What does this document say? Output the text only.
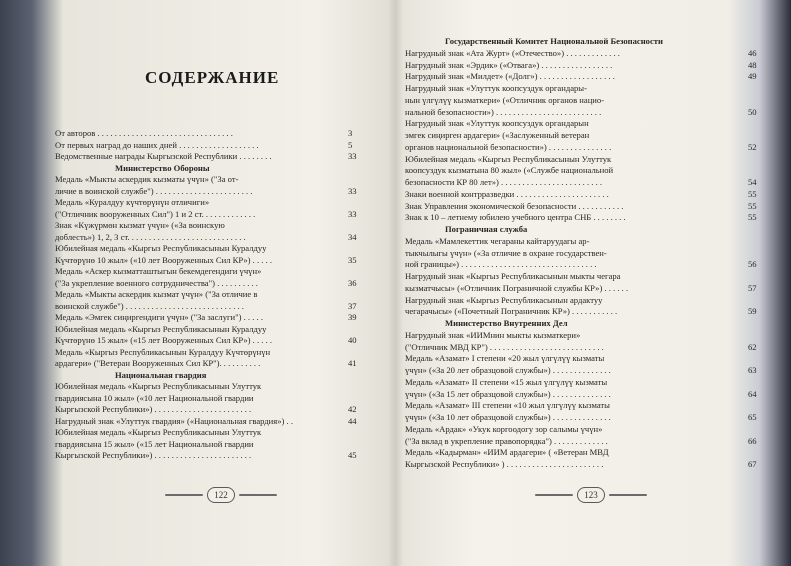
СОДЕРЖАНИЕ
От авторов . . . . . . . . . . . . . . . . . . . . . . . . . . . . . . . .	3
От первых наград до наших дней . . . . . . . . . . . . . . . . . . .	5
Ведомственные награды Кыргызской Республики . . . . . . . .	33
Министерство Обороны
Медаль «Мыкты аскердик кызматы үчүн» ("За от-
личие в воинской службе") . . . . . . . . . . . . . . . . . . . . . . .	33
Медаль «Куралдуу күчтөрүнүн отличиги»
("Отличник вооруженных Сил") 1 и 2 ст. . . . . . . . . . . . .	33
Знак «Күжүрмөн кызмат үчүн» («За воинскую
доблесть») 1, 2, 3 ст. . . . . . . . . . . . . . . . . . . . . . . . . . . .	34
Юбилейная медаль «Кыргыз Республикасынын Куралдуу
Күчтөрүнө 10 жыл» («10 лет Вооруженных Сил КР») . . . . .	35
Медаль «Аскер кызматташтыгын бекемдегендиги үчүн»
("За укрепление военного сотрудничества") . . . . . . . . . .	36
Медаль «Мыкты аскердик кызмат үчүн» ("За отличие в
воинской службе") . . . . . . . . . . . . . . . . . . . . . . . . . . . .	37
Медаль «Эмгек сиңиргендиги үчүн» ("За заслуги") . . . . .	39
Юбилейная медаль «Кыргыз Республикасынын Куралдуу
Күчтөрүнө 15 жыл» («15 лет Вооруженных Сил КР») . . . . .	40
Медаль «Кыргыз Республикасынын Куралдуу Күчтөрүнүн
ардагери» ("Ветеран Вооруженных Сил КР"). . . . . . . . . .	41
Национальная гвардия
Юбилейная медаль «Кыргыз Республикасынын Улуттук
гвардиясына 10 жыл» («10 лет Национальной гвардии
Кыргызской Республики») . . . . . . . . . . . . . . . . . . . . . . .	42
Нагрудный знак «Улуттук гвардия» («Национальная гвардия») . .	44
Юбилейная медаль «Кыргыз Республикасынын Улуттук
гвардиясына 15 жыл» («15 лет Национальной гвардии
Кыргызской Республики») . . . . . . . . . . . . . . . . . . . . . . .	45
122
Государственный Комитет Национальной Безопасности
Нагрудный знак «Ата Журт» («Отечество») . . . . . . . . . . . . .	46
Нагрудный знак «Эрдик» («Отвага») . . . . . . . . . . . . . . . . .	48
Нагрудный знак «Милдет» («Долг») . . . . . . . . . . . . . . . . . .	49
Нагрудный знак «Улуттук коопсуздук органдары-
нын үлгүлүү кызматкери» («Отличник органов нацио-
нальной безопасности») . . . . . . . . . . . . . . . . . . . . . . . . .	50
Нагрудный знак «Улуттук коопсуздук органдарын
эмгек сиңирген ардагери» («Заслуженный ветеран
органов национальной безопасности») . . . . . . . . . . . . . . .	52
Юбилейная медаль «Кыргыз Республикасынын Улуттук
коопсуздук кызматына 80 жыл» («Службе национальной
безопасности КР 80 лет») . . . . . . . . . . . . . . . . . . . . . . . .	54
Знаки военной контрразведки . . . . . . . . . . . . . . . . . . . . . .	55
Знак Управления экономической безопасности . . . . . . . . . . .	55
Знак к 10 – летнему юбилею учебного центра СНБ . . . . . . . .	55
Пограничная служба
Медаль «Мамлекеттик чегараны кайтаруудагы ар-
тыкчылыгы үчүн» («За отличие в охране государствен-
ной границы») . . . . . . . . . . . . . . . . . . . . . . . . . . . . . . . .	56
Нагрудный знак «Кыргыз Республикасынын мыкты чегара
кызматчысы» («Отличник Пограничной службы КР») . . . . . .	57
Нагрудный знак «Кыргыз Республикасынын ардактуу
чегарачысы» («Почетный Пограничник КР») . . . . . . . . . . .	59
Министерство Внутренних Дел
Нагрудный знак «ИИМнин мыкты кызматкери»
("Отличник МВД КР") . . . . . . . . . . . . . . . . . . . . . . . . . . .	62
Медаль «Азамат» I степени «20 жыл үлгүлүү кызматы
үчүн» («За 20 лет образцовой службы») . . . . . . . . . . . . . .	63
Медаль «Азамат» II степени «15 жыл үлгүлүү кызматы
үчүн» («За 15 лет образцовой службы») . . . . . . . . . . . . . .	64
Медаль «Азамат» III степени «10 жыл үлгүлүү кызматы
үчүн» («За 10 лет образцовой службы») . . . . . . . . . . . . . .	65
Медаль «Ардак» «Укук коргоодогу зор салымы үчүн»
("За вклад в укрепление правопорядка") . . . . . . . . . . . . .	66
Медаль «Кадырман» «ИИМ ардагери» ( «Ветеран МВД
Кыргызской Республики» ) . . . . . . . . . . . . . . . . . . . . . . .	67
123
